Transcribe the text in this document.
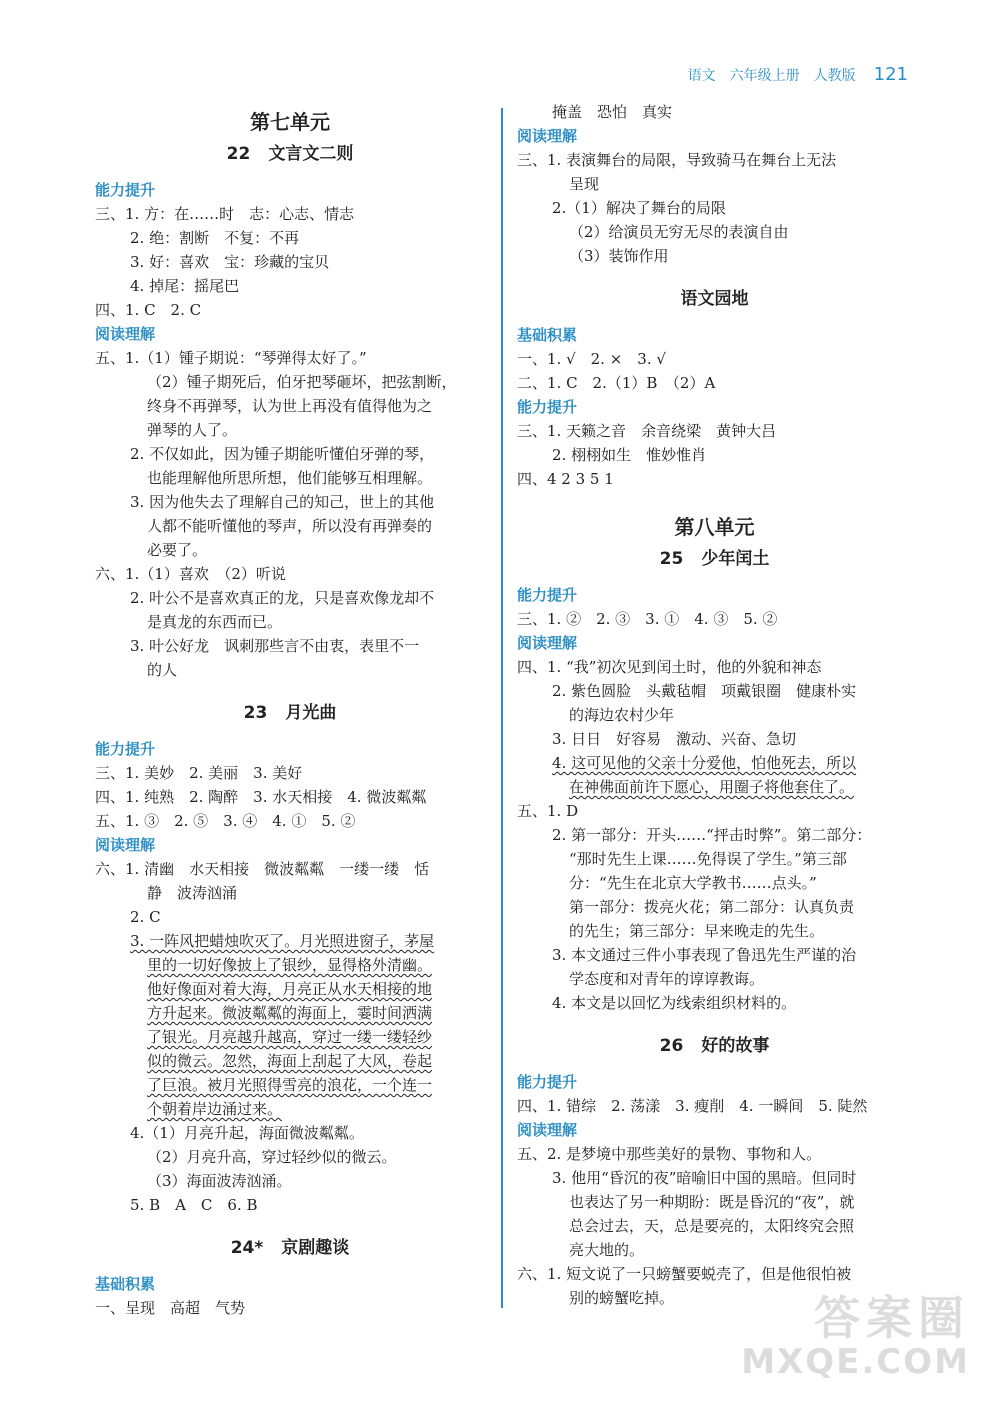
语文 六年级上册 人教版 121
第七单元
22 文言文二则
能力提升
三、1. 方：在……时　志：心志、情志
2. 绝：割断　不复：不再
3. 好：喜欢　宝：珍藏的宝贝
4. 掉尾：摇尾巴
四、1. C　2. C
阅读理解
五、1.（1）锺子期说：“琴弹得太好了。”
（2）锺子期死后，伯牙把琴砸坏，把弦割断，
终身不再弹琴，认为世上再没有值得他为之
弹琴的人了。
2. 不仅如此，因为锺子期能听懂伯牙弹的琴，
也能理解他所思所想，他们能够互相理解。
3. 因为他失去了理解自己的知己，世上的其他
人都不能听懂他的琴声，所以没有再弹奏的
必要了。
六、1.（1）喜欢　（2）听说
2. 叶公不是喜欢真正的龙，只是喜欢像龙却不
是真龙的东西而已。
3. 叶公好龙　讽刺那些言不由衷，表里不一
的人
23 月光曲
能力提升
三、1. 美妙　2. 美丽　3. 美好
四、1. 纯熟　2. 陶醉　3. 水天相接　4. 微波粼粼
五、1. ③　2. ⑤　3. ④　4. ①　5. ②
阅读理解
六、1. 清幽　水天相接　微波粼粼　一缕一缕　恬
静　波涛汹涌
2. C
3. 一阵风把蜡烛吹灭了。月光照进窗子，茅屋
里的一切好像披上了银纱，显得格外清幽。
他好像面对着大海，月亮正从水天相接的地
方升起来。微波粼粼的海面上，霎时间洒满
了银光。月亮越升越高，穿过一缕一缕轻纱
似的微云。忽然，海面上刮起了大风，卷起
了巨浪。被月光照得雪亮的浪花，一个连一
个朝着岸边涌过来。
4.（1）月亮升起，海面微波粼粼。
（2）月亮升高，穿过轻纱似的微云。
（3）海面波涛汹涌。
5. B　A　C　6. B
24* 京剧趣谈
基础积累
一、呈现　高超　气势
掩盖　恐怕　真实
阅读理解
三、1. 表演舞台的局限，导致骑马在舞台上无法
呈现
2.（1）解决了舞台的局限
（2）给演员无穷无尽的表演自由
（3）装饰作用
语文园地
基础积累
一、1. √　2. ×　3. √
二、1. C　2.（1）B　（2）A
能力提升
三、1. 天籁之音　余音绕梁　黄钟大吕
2. 栩栩如生　惟妙惟肖
四、4 2 3 5 1
第八单元
25 少年闰土
能力提升
三、1. ②　2. ③　3. ①　4. ③　5. ②
阅读理解
四、1. “我”初次见到闰土时，他的外貌和神态
2. 紫色圆脸　头戴毡帽　项戴银圈　健康朴实
的海边农村少年
3. 日日　好容易　激动、兴奋、急切
4. 这可见他的父亲十分爱他，怕他死去，所以
在神佛面前许下愿心，用圈子将他套住了。
五、1. D
2. 第一部分：开头……“抨击时弊”。第二部分：
“那时先生上课……免得误了学生。”第三部
分：“先生在北京大学教书……点头。”
第一部分：拨亮火花；第二部分：认真负责
的先生；第三部分：早来晚走的先生。
3. 本文通过三件小事表现了鲁迅先生严谨的治
学态度和对青年的谆谆教诲。
4. 本文是以回忆为线索组织材料的。
26 好的故事
能力提升
四、1. 错综　2. 荡漾　3. 瘦削　4. 一瞬间　5. 陡然
阅读理解
五、2. 是梦境中那些美好的景物、事物和人。
3. 他用“昏沉的夜”暗喻旧中国的黑暗。但同时
也表达了另一种期盼：既是昏沉的“夜”，就
总会过去，天，总是要亮的，太阳终究会照
亮大地的。
六、1. 短文说了一只螃蟹要蜕壳了，但是他很怕被
别的螃蟹吃掉。	答案圈
MXQE.COM
